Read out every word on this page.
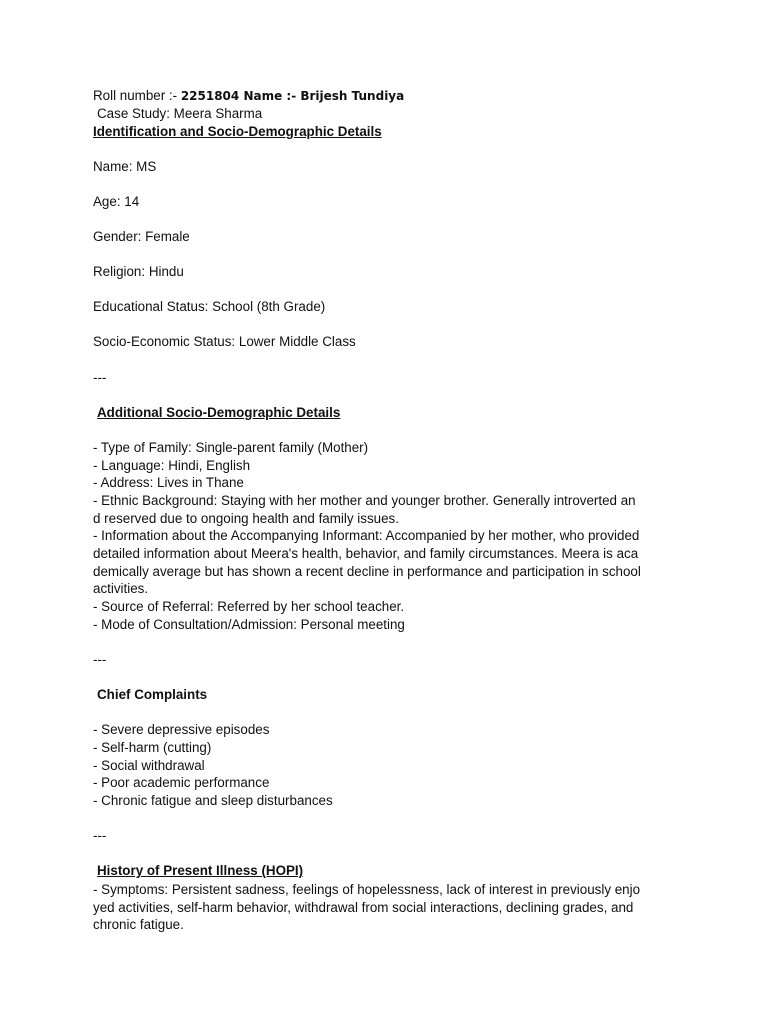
Roll number :- 2251804 Name :- Brijesh Tundiya

Case Study: Meera Sharma

Identification and Socio-Demographic Details

Name: MS

Age: 14

Gender: Female

Religion: Hindu

Educational Status: School (8th Grade)

Socio-Economic Status: Lower Middle Class

---

Additional Socio-Demographic Details

- Type of Family: Single-parent family (Mother)

- Language: Hindi, English

- Address: Lives in Thane

- Ethnic Background: Staying with her mother and younger brother. Generally introverted an

d reserved due to ongoing health and family issues.

- Information about the Accompanying Informant: Accompanied by her mother, who provided

detailed information about Meera's health, behavior, and family circumstances. Meera is aca

demically average but has shown a recent decline in performance and participation in school

activities.

- Source of Referral: Referred by her school teacher.

- Mode of Consultation/Admission: Personal meeting

---

Chief Complaints

- Severe depressive episodes

- Self-harm (cutting)

- Social withdrawal

- Poor academic performance

- Chronic fatigue and sleep disturbances

---

History of Present Illness (HOPI)

- Symptoms: Persistent sadness, feelings of hopelessness, lack of interest in previously enjo

yed activities, self-harm behavior, withdrawal from social interactions, declining grades, and

chronic fatigue.
